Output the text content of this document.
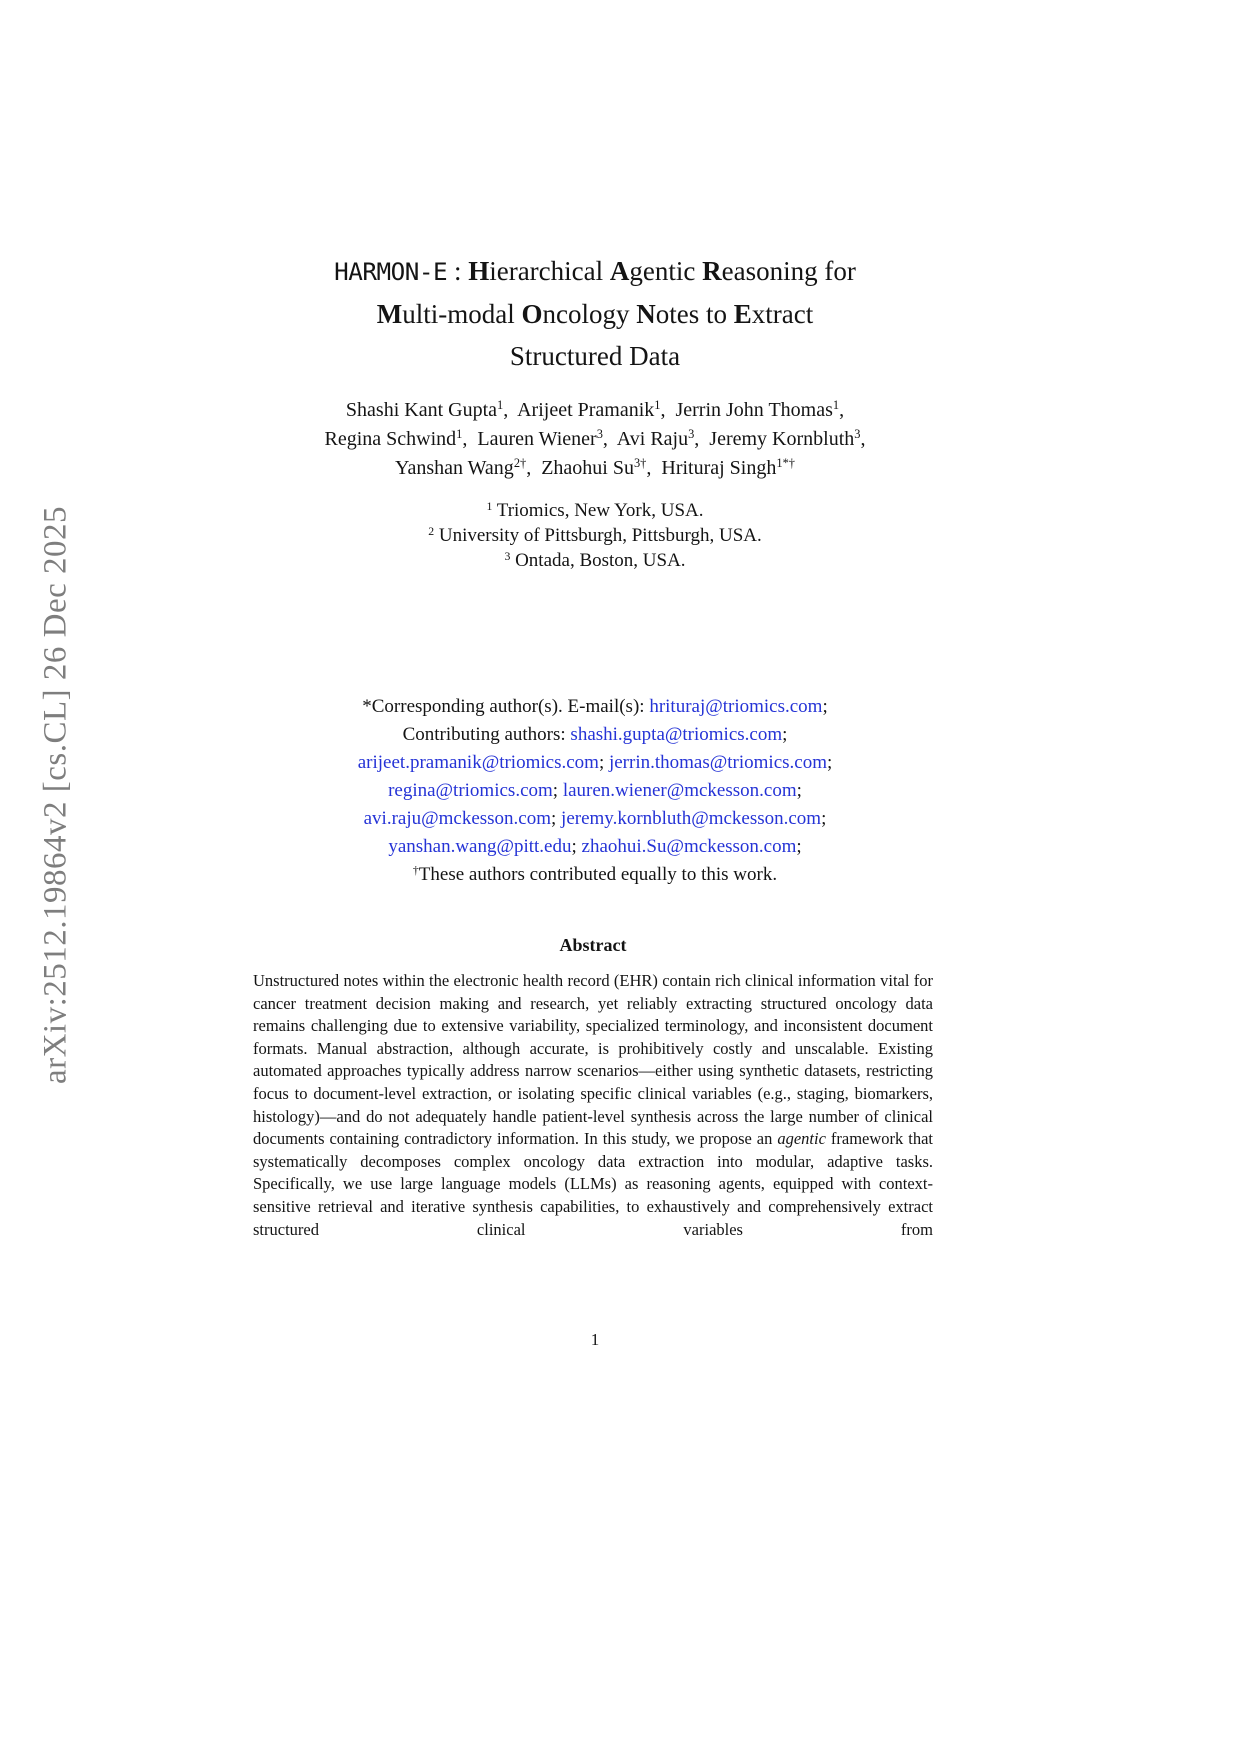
arXiv:2512.19864v2 [cs.CL] 26 Dec 2025
HARMON-E : Hierarchical Agentic Reasoning for
Multi-modal Oncology Notes to Extract
Structured Data
Shashi Kant Gupta$^1$,  Arijeet Pramanik$^1$,  Jerrin John Thomas$^1$,
Regina Schwind$^1$,  Lauren Wiener$^3$,  Avi Raju$^3$,  Jeremy Kornbluth$^3$,
Yanshan Wang$^{2\dagger}$,  Zhaohui $Su^{3\dagger}$,  Hrituraj Singh$^{1*\dagger}$
$^1$ Triomics, New York, USA.
$^2$ University of Pittsburgh, Pittsburgh, USA.
$^3$ Ontada, Boston, USA.
*Corresponding author(s). E-mail(s): hrituraj@triomics.com;
Contributing authors: shashi.gupta@triomics.com;
arijeet.pramanik@triomics.com; jerrin.thomas@triomics.com;
regina@triomics.com; lauren.wiener@mckesson.com;
avi.raju@mckesson.com; jeremy.kornbluth@mckesson.com;
yanshan.wang@pitt.edu; zhaohui.Su@mckesson.com;
†These authors contributed equally to this work.
Abstract

Unstructured notes within the electronic health record (EHR) contain rich clinical information vital for cancer treatment decision making and research, yet reliably extracting structured oncology data remains challenging due to extensive variability, specialized terminology, and inconsistent document formats. Manual abstraction, although accurate, is prohibitively costly and unscalable. Existing automated approaches typically address narrow scenarios—either using synthetic datasets, restricting focus to document-level extraction, or isolating specific clinical variables (e.g., staging, biomarkers, histology)—and do not adequately handle patient-level synthesis across the large number of clinical documents containing contradictory information. In this study, we propose an agentic framework that systematically decomposes complex oncology data extraction into modular, adaptive tasks. Specifically, we use large language models (LLMs) as reasoning agents, equipped with context-sensitive retrieval and iterative synthesis capabilities, to exhaustively and comprehensively extract structured clinical variables from

1
